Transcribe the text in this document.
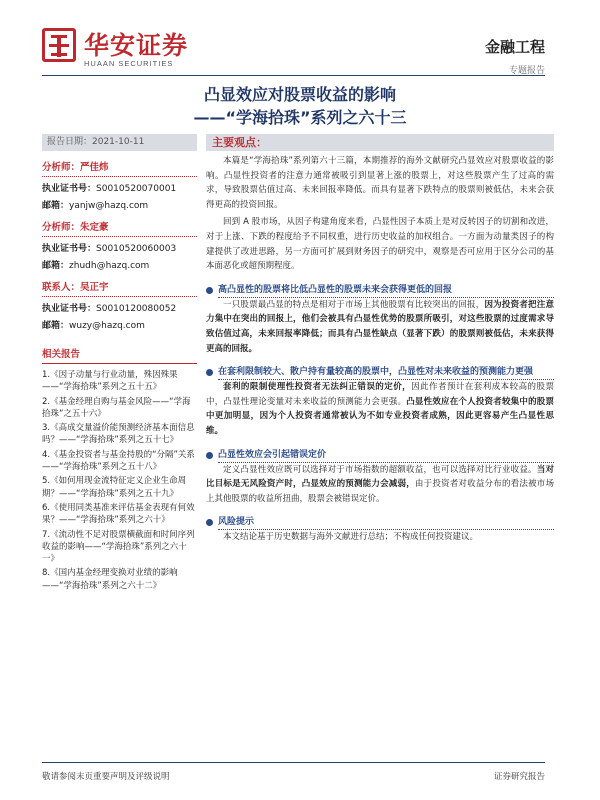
华安证券
HUAAN SECURITIES
金融工程
专题报告
凸显效应对股票收益的影响
——“学海拾珠”系列之六十三
报告日期：2021-10-11
分析师：严佳炜
执业证书号：S0010520070001
邮箱：yanjw@hazq.com
分析师：朱定豪
执业证书号：S0010520060003
邮箱：zhudh@hazq.com
联系人：吴正宇
执业证书号：S0010120080052
邮箱：wuzy@hazq.com
相关报告
1.《因子动量与行业动量，殊因殊果——“学海拾珠”系列之五十五》
2.《基金经理自购与基金风险——“学海拾珠”之五十六》
3.《高成交量溢价能预测经济基本面信息吗？——“学海拾珠”系列之五十七》
4.《基金投资者与基金持股的“分隔”关系——“学海拾珠”系列之五十八》
5.《如何用现金流特征定义企业生命周期？——“学海拾珠”系列之五十九》
6.《使用同类基准来评估基金表现有何效果？——“学海拾珠”系列之六十》
7.《流动性不足对股票横截面和时间序列收益的影响——“学海拾珠”系列之六十一》
8.《国内基金经理变换对业绩的影响——“学海拾珠”系列之六十二》
主要观点：

本篇是“学海拾珠”系列第六十三篇，本期推荐的海外文献研究凸显效应对股票收益的影响。凸显性投资者的注意力通常被吸引到显著上涨的股票上，对这些股票产生了过高的需求，导致股票估值过高、未来回报率降低。而具有显著下跌特点的股票则被低估，未来会获得更高的投资回报。

回到 A 股市场，从因子构建角度来看，凸显性因子本质上是对反转因子的切割和改进，对于上涨、下跌的程度给予不同权重，进行历史收益的加权组合。一方面为动量类因子的构建提供了改进思路，另一方面可扩展到财务因子的研究中，观察是否可应用于区分公司的基本面恶化或超预期程度。

高凸显性的股票将比低凸显性的股票未来会获得更低的回报

一只股票最凸显的特点是相对于市场上其他股票有比较突出的回报，因为投资者把注意力集中在突出的回报上，他们会被具有凸显性优势的股票所吸引，对这些股票的过度需求导致估值过高，未来回报率降低；而具有凸显性缺点（显著下跌）的股票则被低估，未来获得更高的回报。

在套利限制较大、散户持有量较高的股票中，凸显性对未来收益的预测能力更强

套利的限制使理性投资者无法纠正错误的定价，因此作者预计在套利成本较高的股票中，凸显性理论变量对未来收益的预测能力会更强。凸显性效应在个人投资者较集中的股票中更加明显，因为个人投资者通常被认为不如专业投资者成熟，因此更容易产生凸显性思维。

凸显性效应会引起错误定价

定义凸显性效应既可以选择对于市场指数的超额收益，也可以选择对比行业收益。当对比目标是无风险资产时，凸显效应的预测能力会减弱，由于投资者对收益分布的看法被市场上其他股票的收益所扭曲，股票会被错误定价。

风险提示

本文结论基于历史数据与海外文献进行总结；不构成任何投资建议。

敬请参阅末页重要声明及评级说明	证券研究报告
